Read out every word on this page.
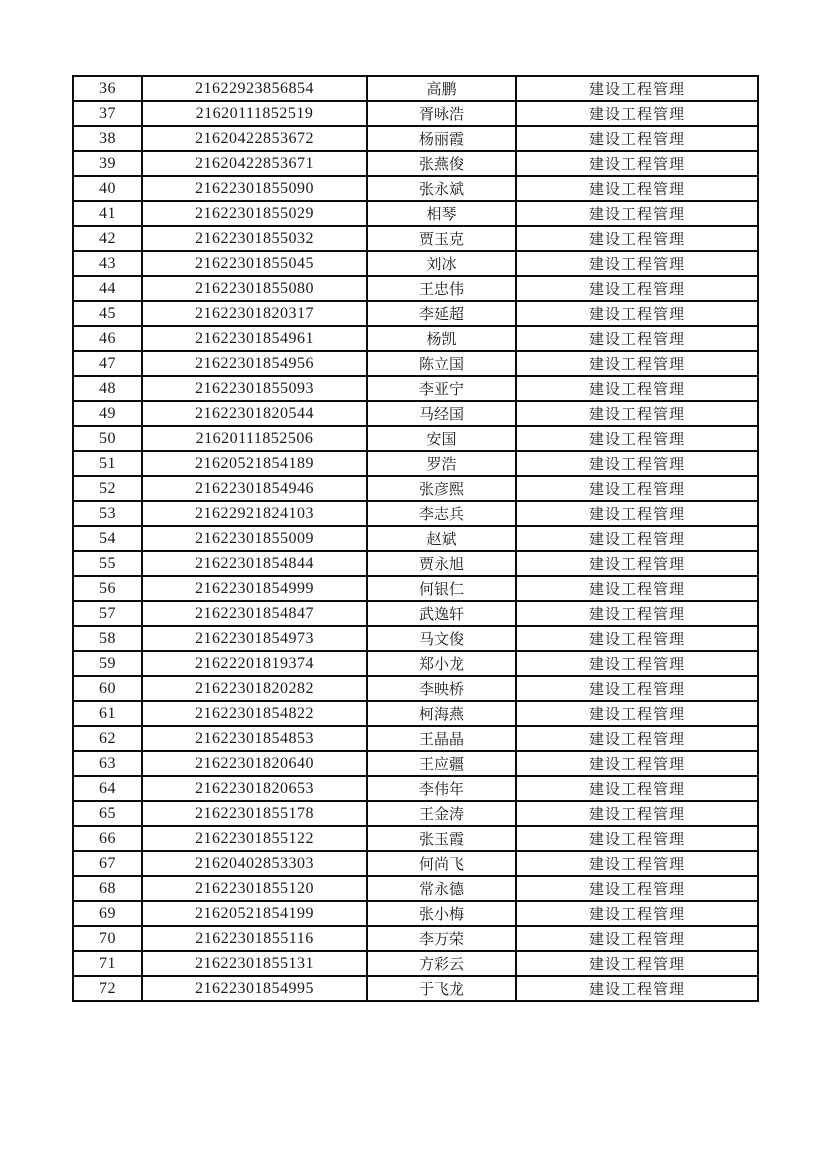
36	21622923856854	高鹏	建设工程管理
37	21620111852519	胥咏浩	建设工程管理
38	21620422853672	杨丽霞	建设工程管理
39	21620422853671	张燕俊	建设工程管理
40	21622301855090	张永斌	建设工程管理
41	21622301855029	相琴	建设工程管理
42	21622301855032	贾玉克	建设工程管理
43	21622301855045	刘冰	建设工程管理
44	21622301855080	王忠伟	建设工程管理
45	21622301820317	李延超	建设工程管理
46	21622301854961	杨凯	建设工程管理
47	21622301854956	陈立国	建设工程管理
48	21622301855093	李亚宁	建设工程管理
49	21622301820544	马经国	建设工程管理
50	21620111852506	安国	建设工程管理
51	21620521854189	罗浩	建设工程管理
52	21622301854946	张彦熙	建设工程管理
53	21622921824103	李志兵	建设工程管理
54	21622301855009	赵斌	建设工程管理
55	21622301854844	贾永旭	建设工程管理
56	21622301854999	何银仁	建设工程管理
57	21622301854847	武逸轩	建设工程管理
58	21622301854973	马文俊	建设工程管理
59	21622201819374	郑小龙	建设工程管理
60	21622301820282	李映桥	建设工程管理
61	21622301854822	柯海燕	建设工程管理
62	21622301854853	王晶晶	建设工程管理
63	21622301820640	王应疆	建设工程管理
64	21622301820653	李伟年	建设工程管理
65	21622301855178	王金涛	建设工程管理
66	21622301855122	张玉霞	建设工程管理
67	21620402853303	何尚飞	建设工程管理
68	21622301855120	常永德	建设工程管理
69	21620521854199	张小梅	建设工程管理
70	21622301855116	李万荣	建设工程管理
71	21622301855131	方彩云	建设工程管理
72	21622301854995	于飞龙	建设工程管理
